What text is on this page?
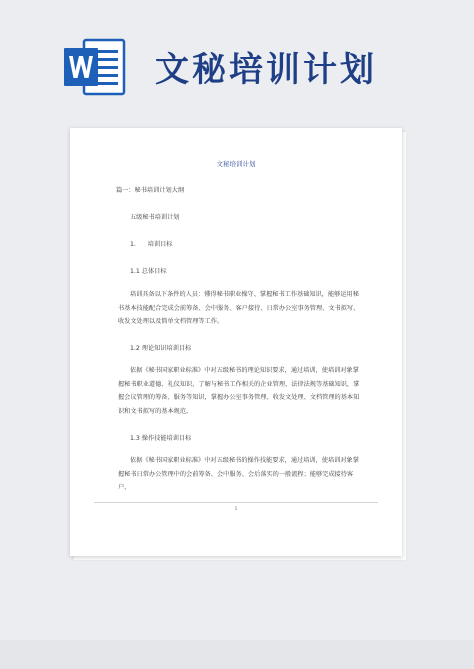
文秘培训计划
文秘培训计划
篇一：秘书培训计划大纲
五级秘书培训计划
1.      培训目标
1.1 总体目标
培训具备以下条件的人员：懂得秘书职业操守、掌握秘书工作基础知识，能够运用秘书基本技能配合完成会前筹备、会中服务、客户接待、日常办公室事务管理、文书拟写、收发文处理以及简单文档管理等工作。
1.2 理论知识培训目标
依据《秘书国家职业标准》中对五级秘书的理论知识要求，通过培训，使培训对象掌握秘书职业道德、礼仪知识，了解与秘书工作相关的企业管理、法律法规等基础知识，掌握会议管理的筹备、服务等知识，掌握办公室事务管理、收发文处理、文档管理的基本知识和文书拟写的基本规范。
1.3 操作技能培训目标
依据《秘书国家职业标准》中对五级秘书的操作技能要求，通过培训，使培训对象掌握秘书日常办公管理中的会前筹备、会中服务、会后落实的一般流程；能够完成接待客户、
1
